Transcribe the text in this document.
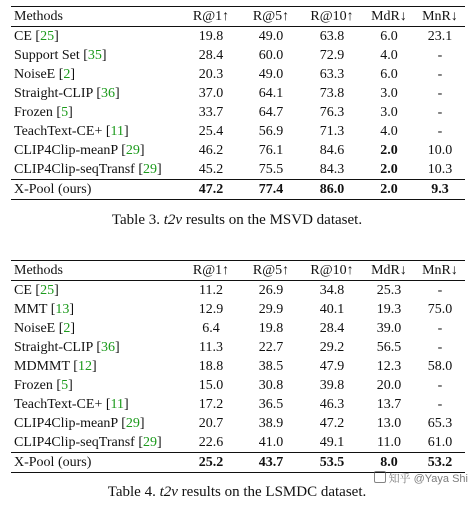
Methods	R@1↑	R@5↑	R@10↑	MdR↓	MnR↓
CE [25]	19.8	49.0	63.8	6.0	23.1
Support Set [35]	28.4	60.0	72.9	4.0	-
NoiseE [2]	20.3	49.0	63.3	6.0	-
Straight-CLIP [36]	37.0	64.1	73.8	3.0	-
Frozen [5]	33.7	64.7	76.3	3.0	-
TeachText-CE+ [11]	25.4	56.9	71.3	4.0	-
CLIP4Clip-meanP [29]	46.2	76.1	84.6	2.0	10.0
CLIP4Clip-seqTransf [29]	45.2	75.5	84.3	2.0	10.3
X-Pool (ours)	47.2	77.4	86.0	2.0	9.3
Table 3. t2v results on the MSVD dataset.
Methods	R@1↑	R@5↑	R@10↑	MdR↓	MnR↓
CE [25]	11.2	26.9	34.8	25.3	-
MMT [13]	12.9	29.9	40.1	19.3	75.0
NoiseE [2]	6.4	19.8	28.4	39.0	-
Straight-CLIP [36]	11.3	22.7	29.2	56.5	-
MDMMT [12]	18.8	38.5	47.9	12.3	58.0
Frozen [5]	15.0	30.8	39.8	20.0	-
TeachText-CE+ [11]	17.2	36.5	46.3	13.7	-
CLIP4Clip-meanP [29]	20.7	38.9	47.2	13.0	65.3
CLIP4Clip-seqTransf [29]	22.6	41.0	49.1	11.0	61.0
X-Pool (ours)	25.2	43.7	53.5	8.0	53.2
知乎 @Yaya Shi
Table 4. t2v results on the LSMDC dataset.
